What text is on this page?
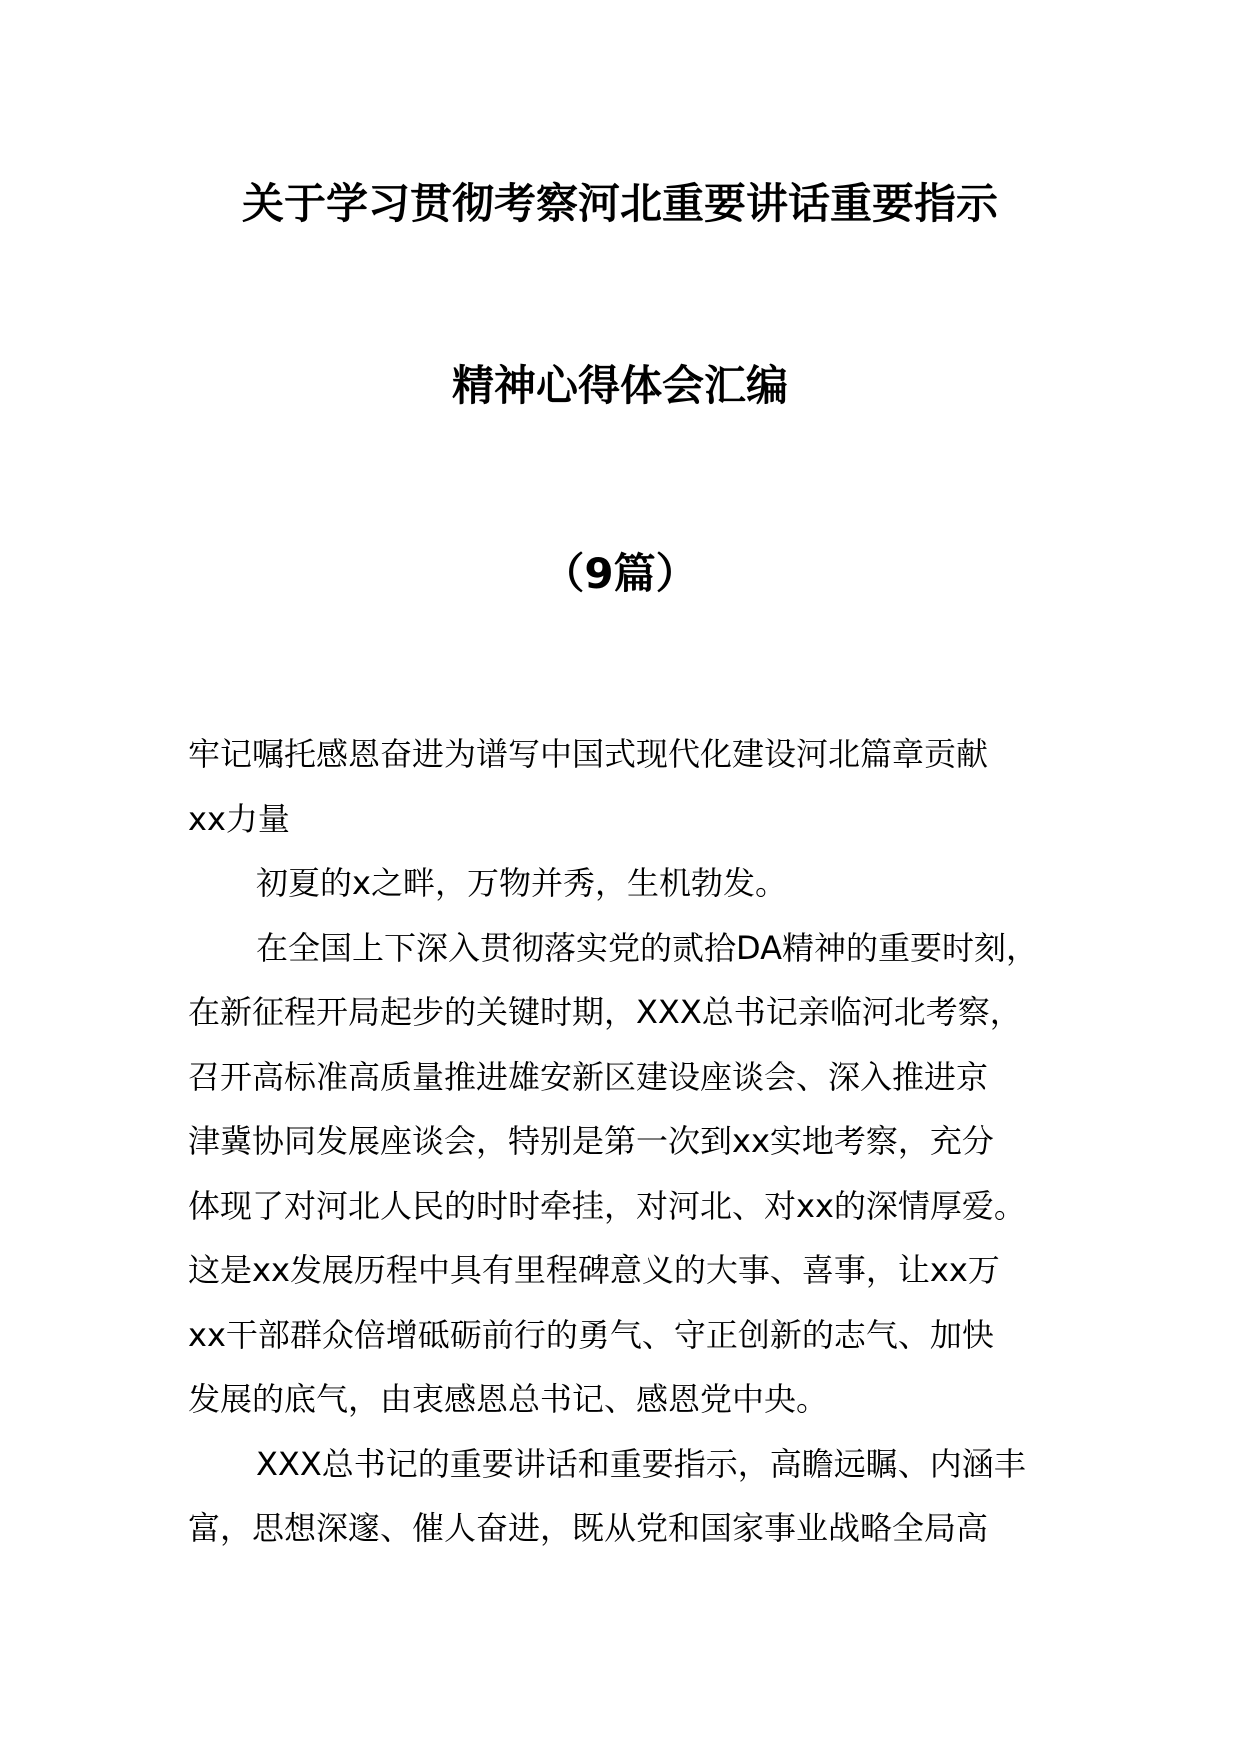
关于学习贯彻考察河北重要讲话重要指示
精神心得体会汇编
（9篇）
牢记嘱托感恩奋进为谱写中国式现代化建设河北篇章贡献
xx力量
初夏的x之畔，万物并秀，生机勃发。
在全国上下深入贯彻落实党的贰拾DA精神的重要时刻，
在新征程开局起步的关键时期，XXX总书记亲临河北考察，
召开高标准高质量推进雄安新区建设座谈会、深入推进京
津冀协同发展座谈会，特别是第一次到xx实地考察，充分
体现了对河北人民的时时牵挂，对河北、对xx的深情厚爱。
这是xx发展历程中具有里程碑意义的大事、喜事，让xx万
xx干部群众倍增砥砺前行的勇气、守正创新的志气、加快
发展的底气，由衷感恩总书记、感恩党中央。
XXX总书记的重要讲话和重要指示，高瞻远瞩、内涵丰
富，思想深邃、催人奋进，既从党和国家事业战略全局高
